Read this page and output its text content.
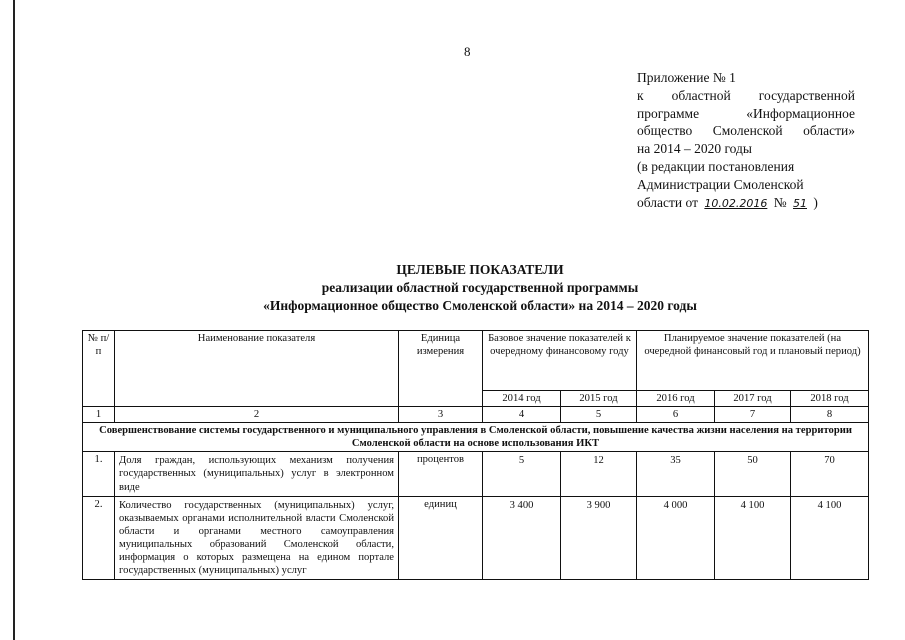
8
Приложение № 1
к областной государственной
программе «Информационное
общество Смоленской области»
на 2014 – 2020 годы
(в редакции постановления
Администрации Смоленской
области от 10.02.2016 № 51 )
ЦЕЛЕВЫЕ ПОКАЗАТЕЛИ
реализации областной государственной программы
«Информационное общество Смоленской области» на 2014 – 2020 годы
№ п/п	Наименование показателя	Единица измерения	Базовое значение показателей к очередному финансовому году		Планируемое значение показателей (на очередной финансовый год и плановый период)		
			2014 год	2015 год	2016 год	2017 год	2018 год
1	2	3	4	5	6	7	8
Совершенствование системы государственного и муниципального управления в Смоленской области, повышение качества жизни населения на территории Смоленской области на основе использования ИКТ							
1.	Доля граждан, использующих механизм получения государственных (муниципальных) услуг в электронном виде	процентов	5	12	35	50	70
2.	Количество государственных (муниципальных) услуг, оказываемых органами исполнительной власти Смоленской области и органами местного самоуправления муниципальных образований Смоленской области, информация о которых размещена на едином портале государственных (муниципальных) услуг	единиц	3 400	3 900	4 000	4 100	4 100
